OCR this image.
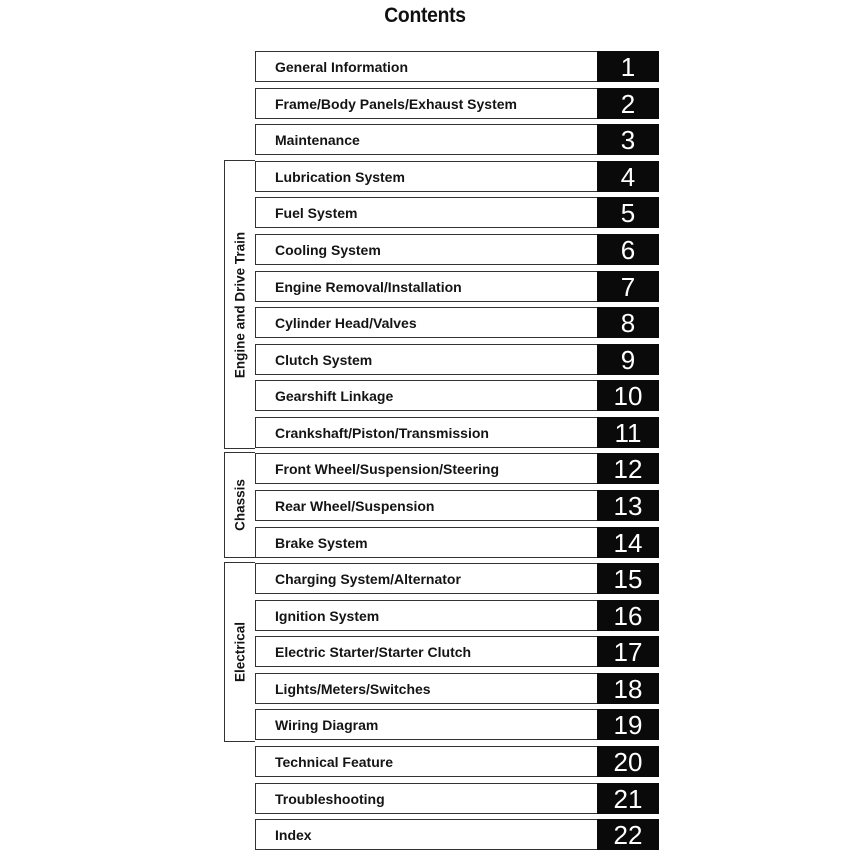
Contents
Engine and Drive Train
Chassis
Electrical
General Information	1
Frame/Body Panels/Exhaust System	2
Maintenance	3
Lubrication System	4
Fuel System	5
Cooling System	6
Engine Removal/Installation	7
Cylinder Head/Valves	8
Clutch System	9
Gearshift Linkage	10
Crankshaft/Piston/Transmission	11
Front Wheel/Suspension/Steering	12
Rear Wheel/Suspension	13
Brake System	14
Charging System/Alternator	15
Ignition System	16
Electric Starter/Starter Clutch	17
Lights/Meters/Switches	18
Wiring Diagram	19
Technical Feature	20
Troubleshooting	21
Index	22
